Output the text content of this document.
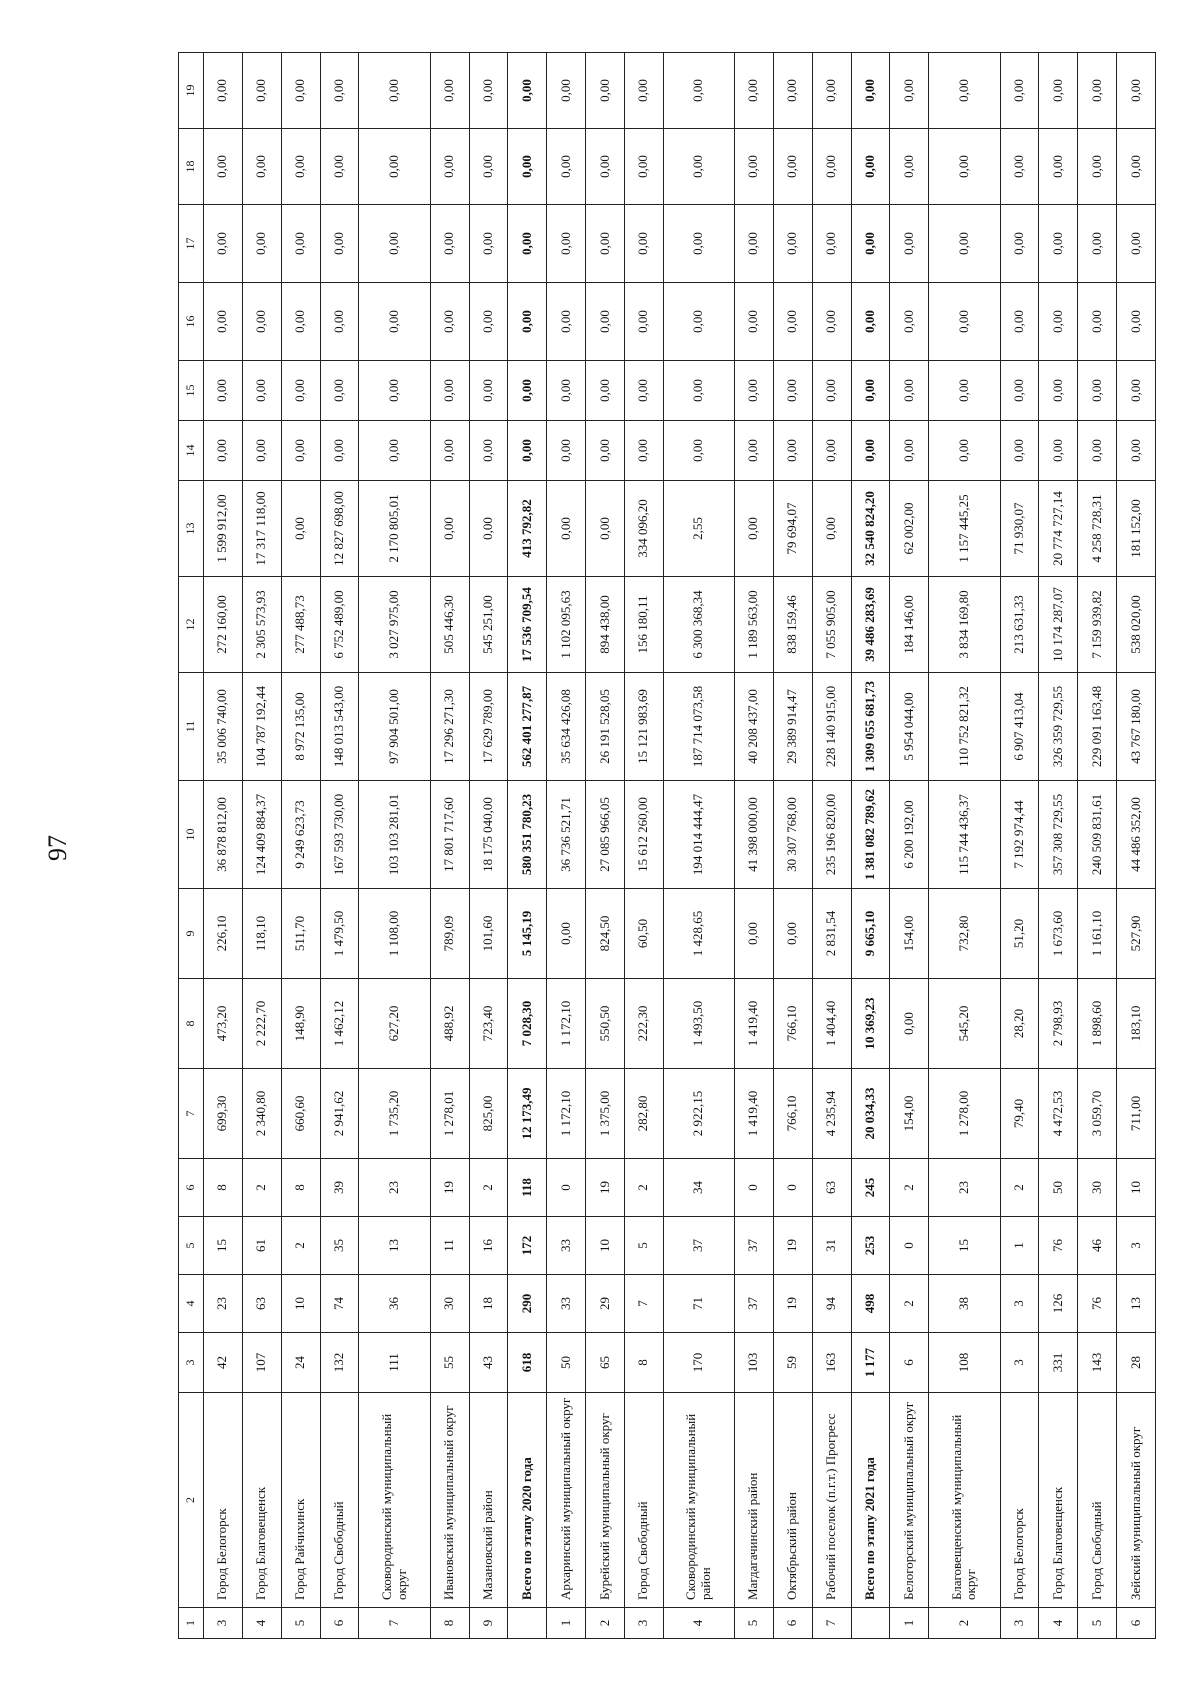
97
1	2	3	4	5	6	7	8	9	10	11	12	13	14	15	16	17	18	19
3	Город Белогорск	42	23	15	8	699,30	473,20	226,10	36 878 812,00	35 006 740,00	272 160,00	1 599 912,00	0,00	0,00	0,00	0,00	0,00	0,00
4	Город Благовещенск	107	63	61	2	2 340,80	2 222,70	118,10	124 409 884,37	104 787 192,44	2 305 573,93	17 317 118,00	0,00	0,00	0,00	0,00	0,00	0,00
5	Город Райчихинск	24	10	2	8	660,60	148,90	511,70	9 249 623,73	8 972 135,00	277 488,73	0,00	0,00	0,00	0,00	0,00	0,00	0,00
6	Город Свободный	132	74	35	39	2 941,62	1 462,12	1 479,50	167 593 730,00	148 013 543,00	6 752 489,00	12 827 698,00	0,00	0,00	0,00	0,00	0,00	0,00
7	Сковородинский муниципальный округ	111	36	13	23	1 735,20	627,20	1 108,00	103 103 281,01	97 904 501,00	3 027 975,00	2 170 805,01	0,00	0,00	0,00	0,00	0,00	0,00
8	Ивановский муниципальный округ	55	30	11	19	1 278,01	488,92	789,09	17 801 717,60	17 296 271,30	505 446,30	0,00	0,00	0,00	0,00	0,00	0,00	0,00
9	Мазановский район	43	18	16	2	825,00	723,40	101,60	18 175 040,00	17 629 789,00	545 251,00	0,00	0,00	0,00	0,00	0,00	0,00	0,00
	Всего по этапу 2020 года	618	290	172	118	12 173,49	7 028,30	5 145,19	580 351 780,23	562 401 277,87	17 536 709,54	413 792,82	0,00	0,00	0,00	0,00	0,00	0,00
1	Архаринский муниципальный округ	50	33	33	0	1 172,10	1 172,10	0,00	36 736 521,71	35 634 426,08	1 102 095,63	0,00	0,00	0,00	0,00	0,00	0,00	0,00
2	Бурейский муниципальный округ	65	29	10	19	1 375,00	550,50	824,50	27 085 966,05	26 191 528,05	894 438,00	0,00	0,00	0,00	0,00	0,00	0,00	0,00
3	Город Свободный	8	7	5	2	282,80	222,30	60,50	15 612 260,00	15 121 983,69	156 180,11	334 096,20	0,00	0,00	0,00	0,00	0,00	0,00
4	Сковородинский муниципальный район	170	71	37	34	2 922,15	1 493,50	1 428,65	194 014 444,47	187 714 073,58	6 300 368,34	2,55	0,00	0,00	0,00	0,00	0,00	0,00
5	Магдагачинский район	103	37	37	0	1 419,40	1 419,40	0,00	41 398 000,00	40 208 437,00	1 189 563,00	0,00	0,00	0,00	0,00	0,00	0,00	0,00
6	Октябрьский район	59	19	19	0	766,10	766,10	0,00	30 307 768,00	29 389 914,47	838 159,46	79 694,07	0,00	0,00	0,00	0,00	0,00	0,00
7	Рабочий поселок (п.г.т.) Прогресс	163	94	31	63	4 235,94	1 404,40	2 831,54	235 196 820,00	228 140 915,00	7 055 905,00	0,00	0,00	0,00	0,00	0,00	0,00	0,00
	Всего по этапу 2021 года	1 177	498	253	245	20 034,33	10 369,23	9 665,10	1 381 082 789,62	1 309 055 681,73	39 486 283,69	32 540 824,20	0,00	0,00	0,00	0,00	0,00	0,00
1	Белогорский муниципальный округ	6	2	0	2	154,00	0,00	154,00	6 200 192,00	5 954 044,00	184 146,00	62 002,00	0,00	0,00	0,00	0,00	0,00	0,00
2	Благовещенский муниципальный округ	108	38	15	23	1 278,00	545,20	732,80	115 744 436,37	110 752 821,32	3 834 169,80	1 157 445,25	0,00	0,00	0,00	0,00	0,00	0,00
3	Город Белогорск	3	3	1	2	79,40	28,20	51,20	7 192 974,44	6 907 413,04	213 631,33	71 930,07	0,00	0,00	0,00	0,00	0,00	0,00
4	Город Благовещенск	331	126	76	50	4 472,53	2 798,93	1 673,60	357 308 729,55	326 359 729,55	10 174 287,07	20 774 727,14	0,00	0,00	0,00	0,00	0,00	0,00
5	Город Свободный	143	76	46	30	3 059,70	1 898,60	1 161,10	240 509 831,61	229 091 163,48	7 159 939,82	4 258 728,31	0,00	0,00	0,00	0,00	0,00	0,00
6	Зейский муниципальный округ	28	13	3	10	711,00	183,10	527,90	44 486 352,00	43 767 180,00	538 020,00	181 152,00	0,00	0,00	0,00	0,00	0,00	0,00
